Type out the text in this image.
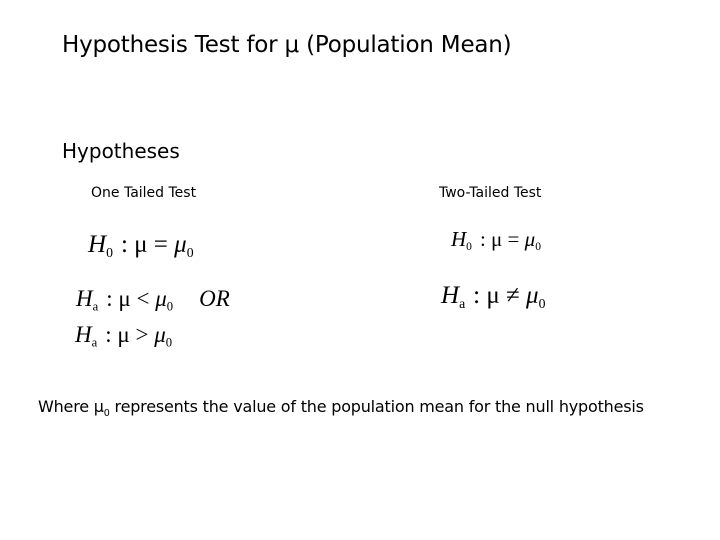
Hypothesis Test for μ (Population Mean)
Hypotheses
One Tailed Test	Two-Tailed Test
$H_0$ : $\mu = \mu_0$
$H_a$ : $\mu < \mu_0$ OR
$H_a$ : $\mu > \mu_0$
$H_0$ : $\mu = \mu_0$
$H_a$ : $\mu \ne \mu_0$
Where $\mu_0$ represents the value of the population mean for the null hypothesis
